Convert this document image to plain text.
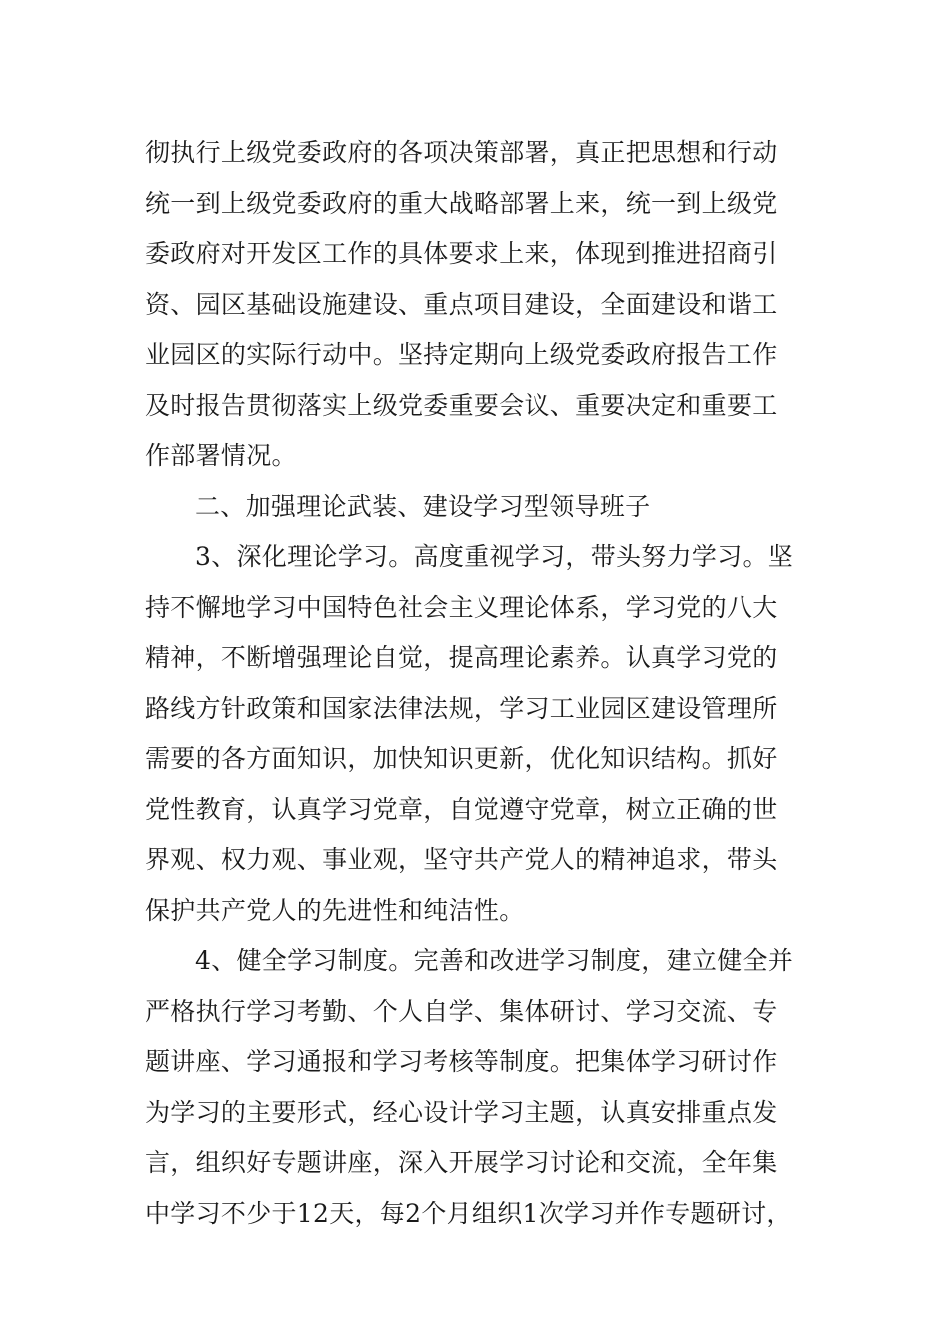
彻执行上级党委政府的各项决策部署，真正把思想和行动
统一到上级党委政府的重大战略部署上来，统一到上级党
委政府对开发区工作的具体要求上来，体现到推进招商引
资、园区基础设施建设、重点项目建设，全面建设和谐工
业园区的实际行动中。坚持定期向上级党委政府报告工作
及时报告贯彻落实上级党委重要会议、重要决定和重要工
作部署情况。
二、加强理论武装、建设学习型领导班子
3、深化理论学习。高度重视学习，带头努力学习。坚
持不懈地学习中国特色社会主义理论体系，学习党的八大
精神，不断增强理论自觉，提高理论素养。认真学习党的
路线方针政策和国家法律法规，学习工业园区建设管理所
需要的各方面知识，加快知识更新，优化知识结构。抓好
党性教育，认真学习党章，自觉遵守党章，树立正确的世
界观、权力观、事业观，坚守共产党人的精神追求，带头
保护共产党人的先进性和纯洁性。
4、健全学习制度。完善和改进学习制度，建立健全并
严格执行学习考勤、个人自学、集体研讨、学习交流、专
题讲座、学习通报和学习考核等制度。把集体学习研讨作
为学习的主要形式，经心设计学习主题，认真安排重点发
言，组织好专题讲座，深入开展学习讨论和交流，全年集
中学习不少于12天，每2个月组织1次学习并作专题研讨，
